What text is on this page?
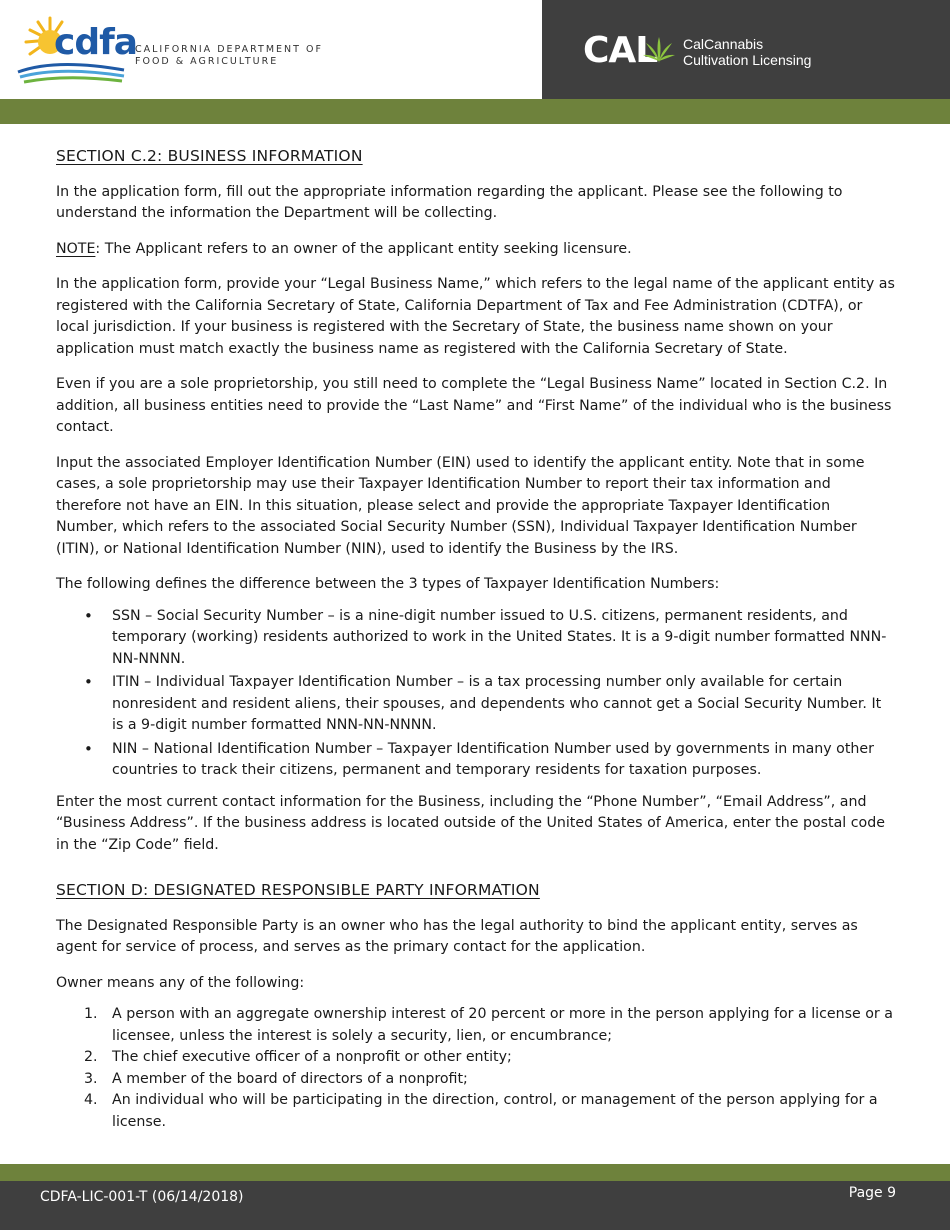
cdfa
CALIFORNIA DEPARTMENT OF
FOOD & AGRICULTURE	CAL CalCannabis
Cultivation Licensing

SECTION C.2: BUSINESS INFORMATION

In the application form, fill out the appropriate information regarding the applicant. Please see the following to understand the information the Department will be collecting.

NOTE: The Applicant refers to an owner of the applicant entity seeking licensure.

In the application form, provide your “Legal Business Name,” which refers to the legal name of the applicant entity as registered with the California Secretary of State, California Department of Tax and Fee Administration (CDTFA), or local jurisdiction. If your business is registered with the Secretary of State, the business name shown on your application must match exactly the business name as registered with the California Secretary of State.

Even if you are a sole proprietorship, you still need to complete the “Legal Business Name” located in Section C.2. In addition, all business entities need to provide the “Last Name” and “First Name” of the individual who is the business contact.

Input the associated Employer Identification Number (EIN) used to identify the applicant entity. Note that in some cases, a sole proprietorship may use their Taxpayer Identification Number to report their tax information and therefore not have an EIN. In this situation, please select and provide the appropriate Taxpayer Identification Number, which refers to the associated Social Security Number (SSN), Individual Taxpayer Identification Number (ITIN), or National Identification Number (NIN), used to identify the Business by the IRS.

The following defines the difference between the 3 types of Taxpayer Identification Numbers:

• SSN – Social Security Number – is a nine-digit number issued to U.S. citizens, permanent residents, and temporary (working) residents authorized to work in the United States. It is a 9-digit number formatted NNN-NN-NNNN.
• ITIN – Individual Taxpayer Identification Number – is a tax processing number only available for certain nonresident and resident aliens, their spouses, and dependents who cannot get a Social Security Number. It is a 9-digit number formatted NNN-NN-NNNN.
• NIN – National Identification Number – Taxpayer Identification Number used by governments in many other countries to track their citizens, permanent and temporary residents for taxation purposes.

Enter the most current contact information for the Business, including the “Phone Number”, “Email Address”, and “Business Address”. If the business address is located outside of the United States of America, enter the postal code in the “Zip Code” field.

SECTION D: DESIGNATED RESPONSIBLE PARTY INFORMATION

The Designated Responsible Party is an owner who has the legal authority to bind the applicant entity, serves as agent for service of process, and serves as the primary contact for the application.

Owner means any of the following:

1. A person with an aggregate ownership interest of 20 percent or more in the person applying for a license or a licensee, unless the interest is solely a security, lien, or encumbrance;
2. The chief executive officer of a nonprofit or other entity;
3. A member of the board of directors of a nonprofit;
4. An individual who will be participating in the direction, control, or management of the person applying for a license.
CDFA-LIC-001-T (06/14/2018)	Page 9
